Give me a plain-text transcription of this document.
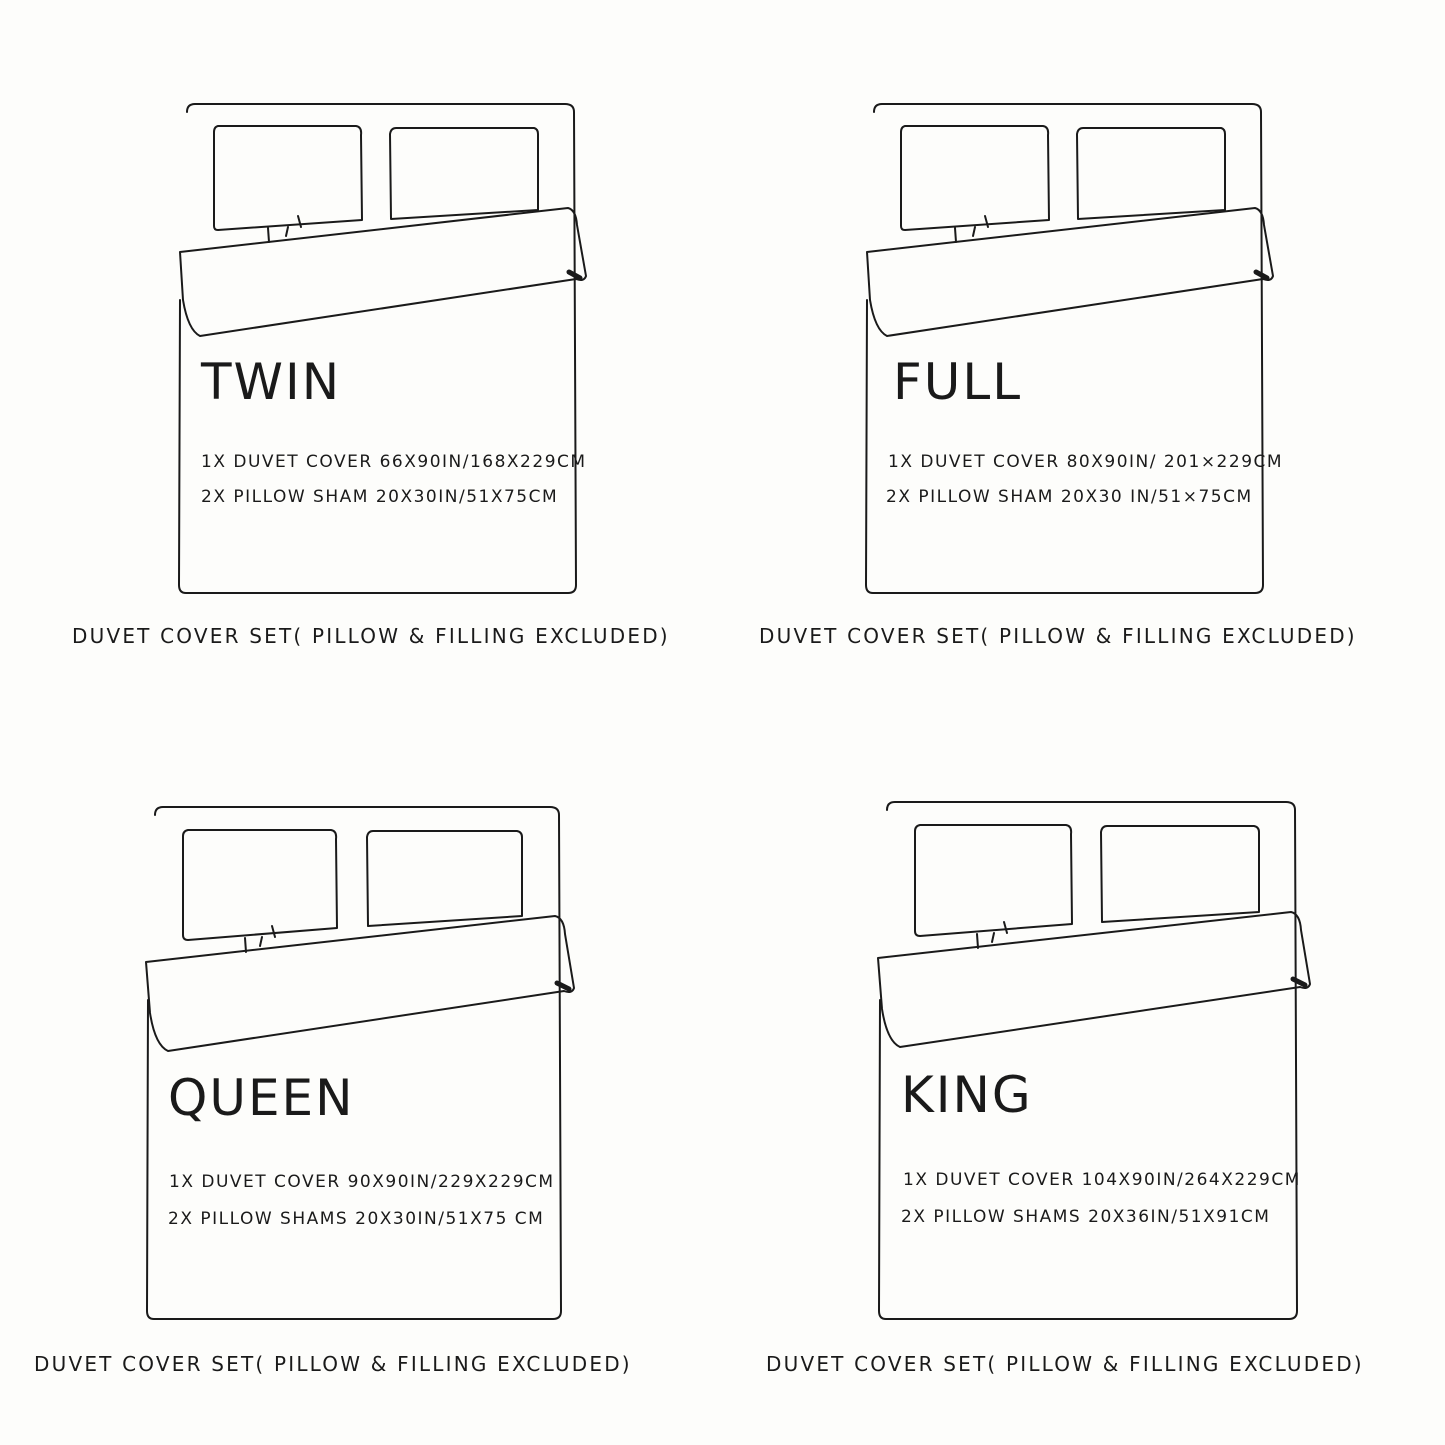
TWIN
1X DUVET COVER 66X90IN/168X229CM
2X PILLOW SHAM 20X30IN/51X75CM
DUVET COVER SET( PILLOW & FILLING EXCLUDED)
FULL
1X DUVET COVER 80X90IN/ 201×229CM
2X PILLOW SHAM 20X30 IN/51×75CM
DUVET COVER SET( PILLOW & FILLING EXCLUDED)
QUEEN
1X DUVET COVER 90X90IN/229X229CM
2X PILLOW SHAMS 20X30IN/51X75 CM
DUVET COVER SET( PILLOW & FILLING EXCLUDED)
KING
1X DUVET COVER 104X90IN/264X229CM
2X PILLOW SHAMS 20X36IN/51X91CM
DUVET COVER SET( PILLOW & FILLING EXCLUDED)
